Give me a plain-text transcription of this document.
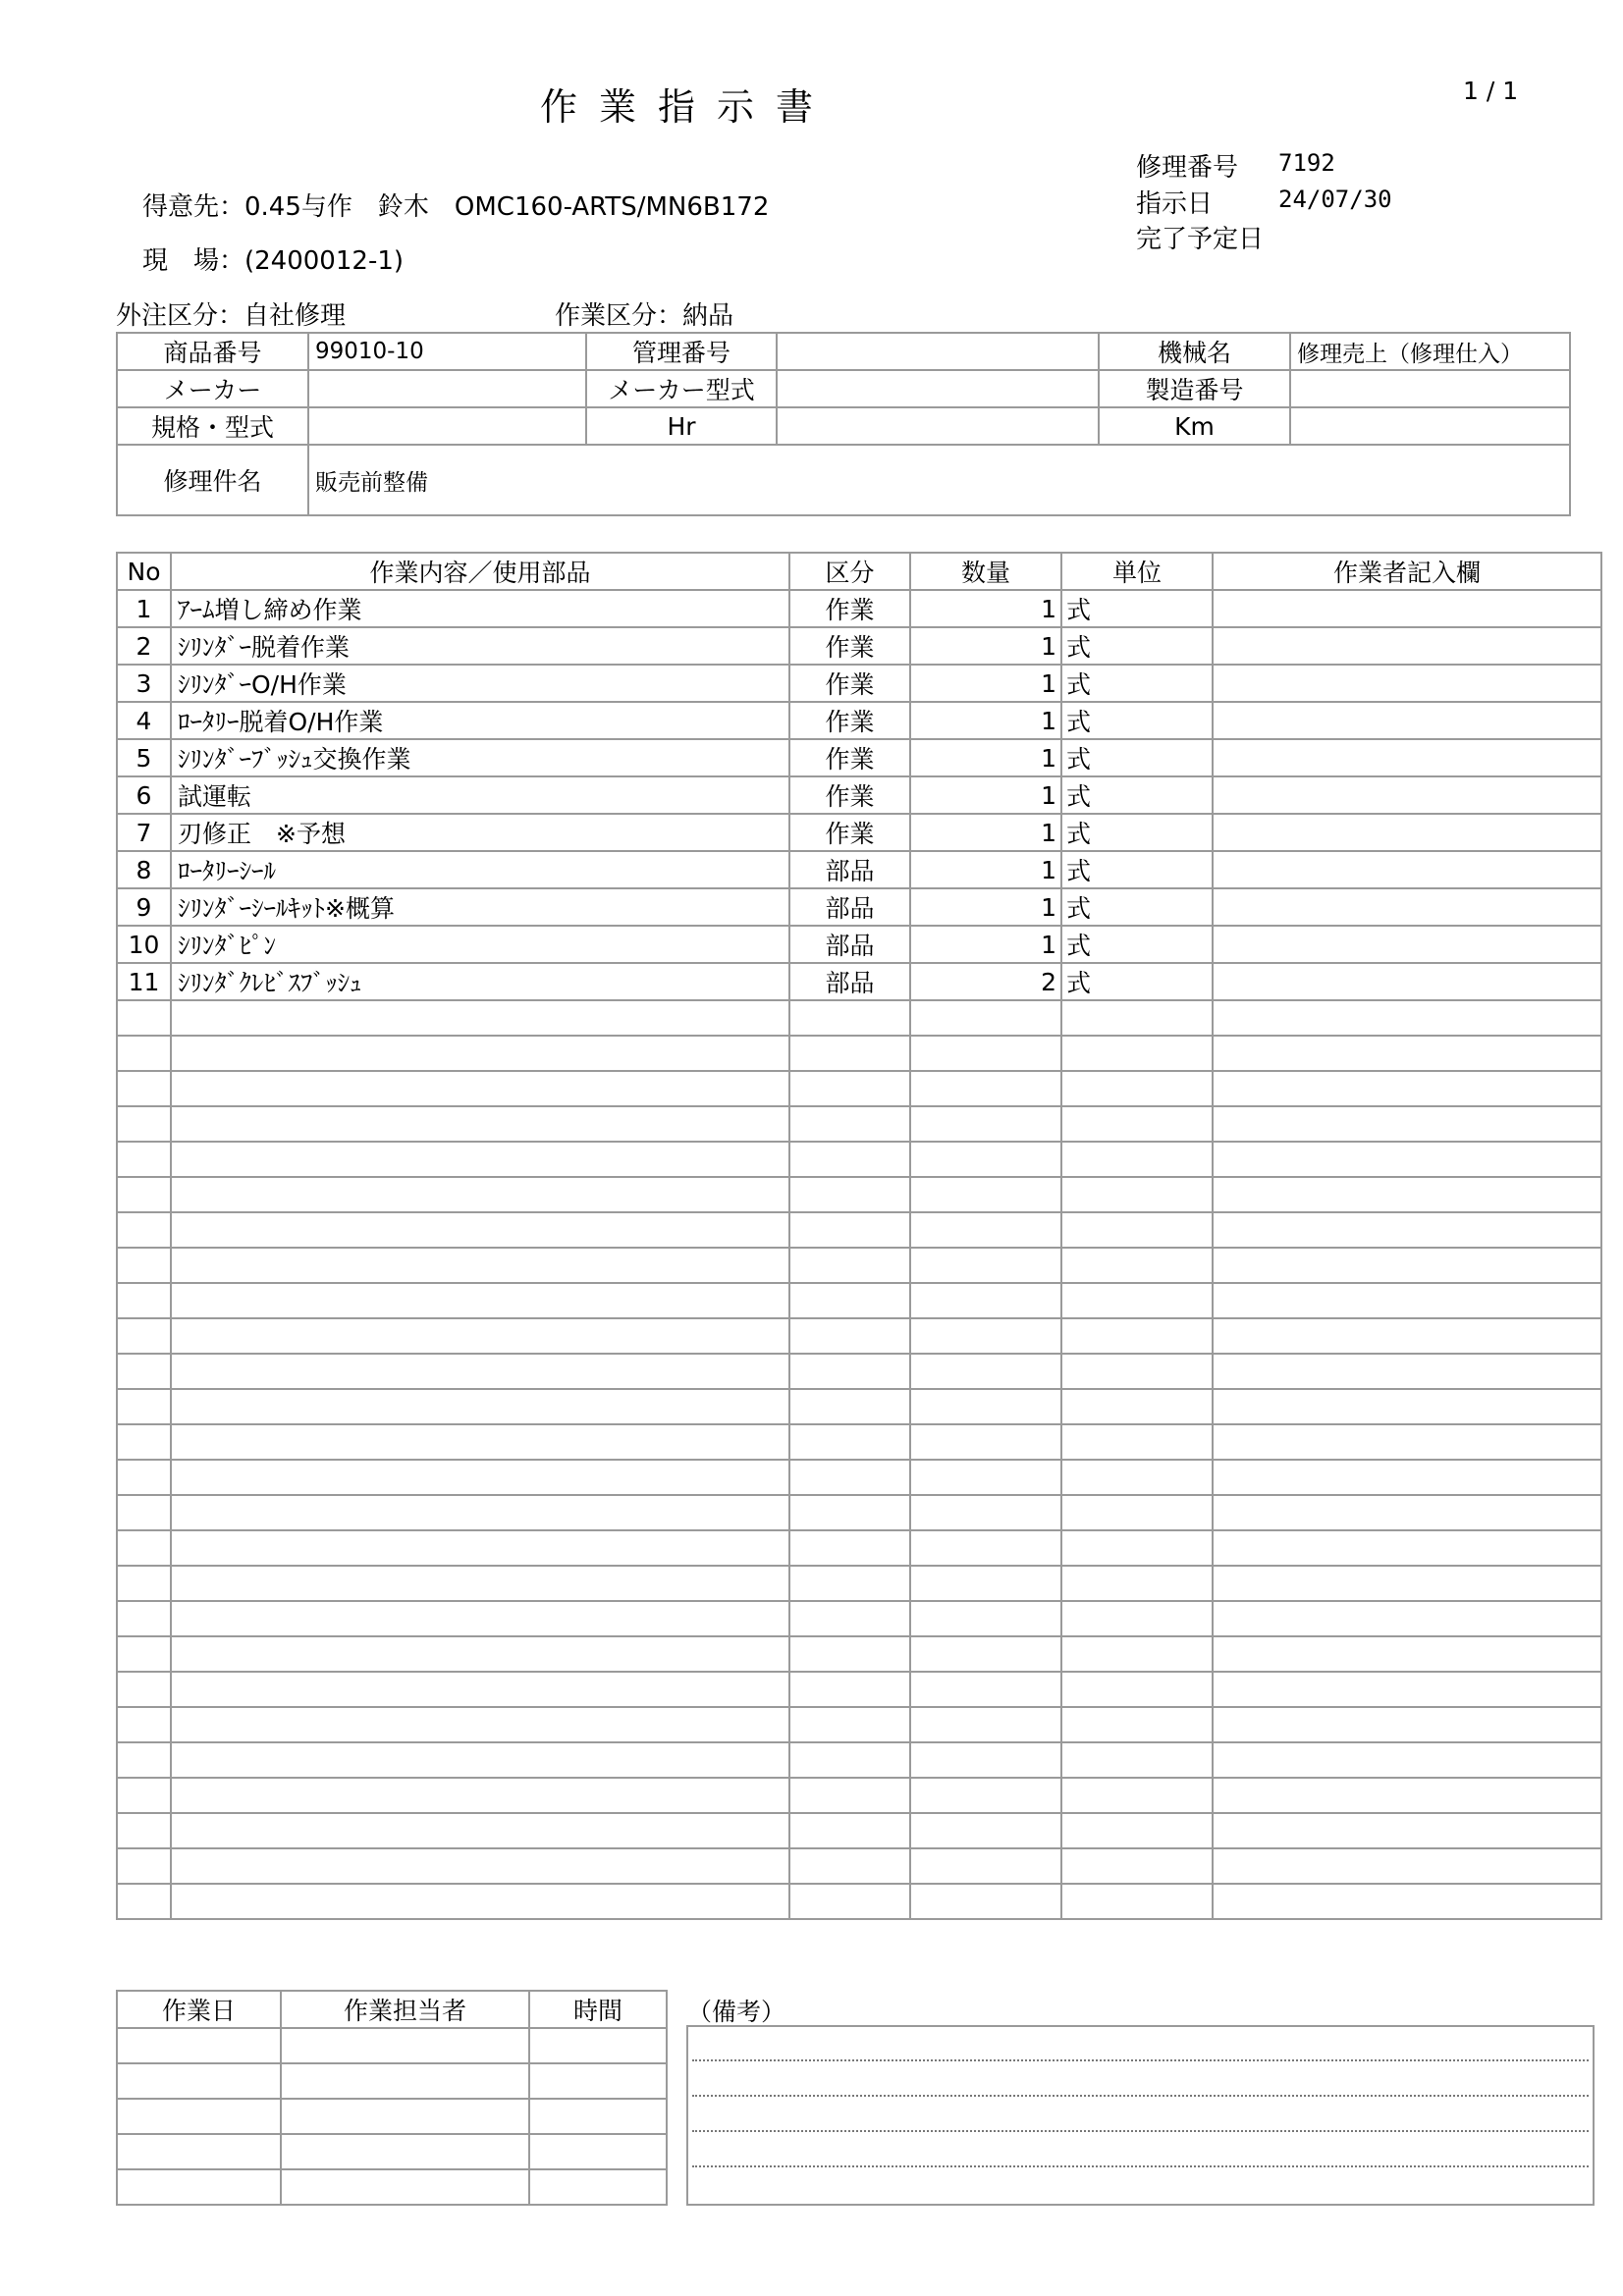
作業指示書	1 / 1
修理番号 7192
指示日	24/07/30
完了予定日
得意先：0.45与作　鈴木　OMC160-ARTS/MN6B172
現　場：(2400012-1)
外注区分：自社修理	作業区分：納品
商品番号	99010-10	管理番号		機械名	修理売上（修理仕入）
メーカー		メーカー型式		製造番号	
規格・型式		Hr		Km	
修理件名	販売前整備				
No	作業内容／使用部品	区分	数量	単位	作業者記入欄
1	ｱｰﾑ増し締め作業	作業	1	式	
2	ｼﾘﾝﾀﾞｰ脱着作業	作業	1	式	
3	ｼﾘﾝﾀﾞｰO/H作業	作業	1	式	
4	ﾛｰﾀﾘｰ脱着O/H作業	作業	1	式	
5	ｼﾘﾝﾀﾞｰﾌﾞｯｼｭ交換作業	作業	1	式	
6	試運転	作業	1	式	
7	刃修正　※予想	作業	1	式	
8	ﾛｰﾀﾘｰｼｰﾙ	部品	1	式	
9	ｼﾘﾝﾀﾞｰｼｰﾙｷｯﾄ※概算	部品	1	式	
10	ｼﾘﾝﾀﾞﾋﾟﾝ	部品	1	式	
11	ｼﾘﾝﾀﾞｸﾚﾋﾞｽﾌﾞｯｼｭ	部品	2	式	

作業日	作業担当者	時間

			（備考）
